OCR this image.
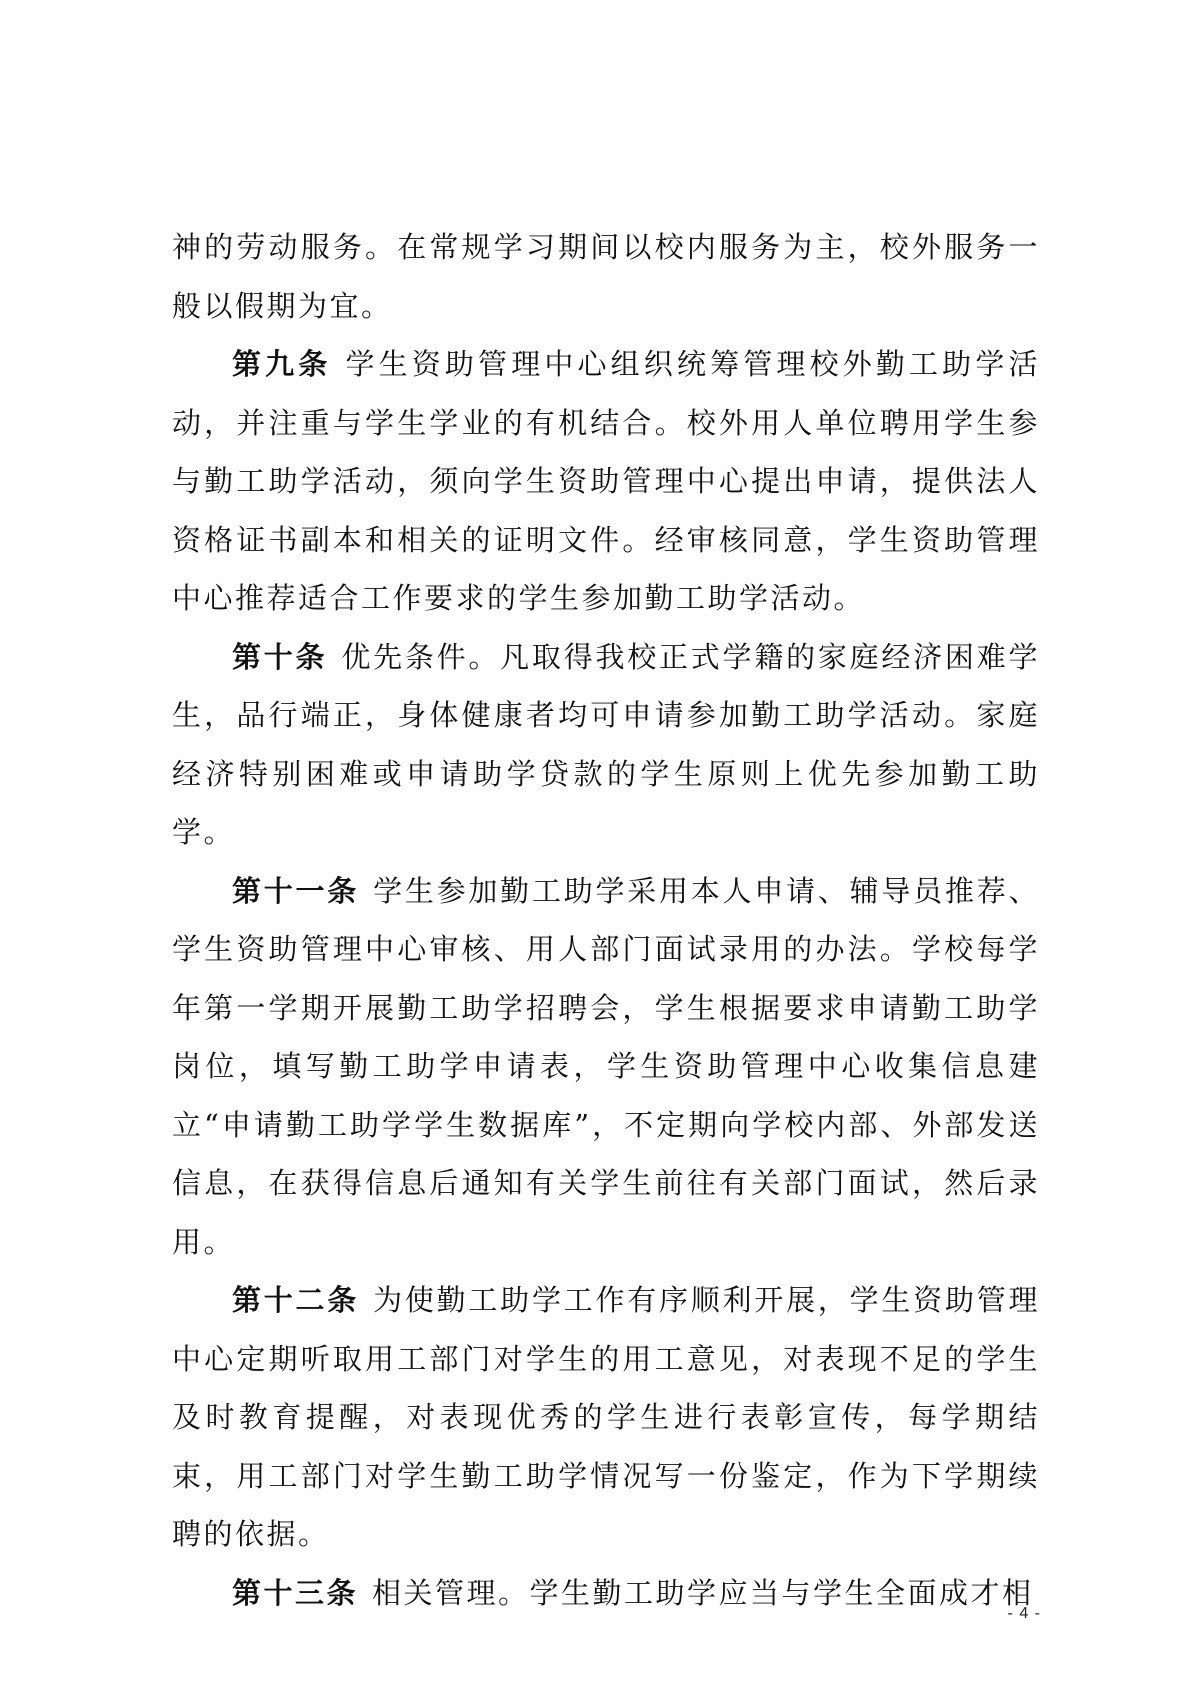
神的劳动服务。在常规学习期间以校内服务为主，校外服务一般以假期为宜。

第九条 学生资助管理中心组织统筹管理校外勤工助学活动，并注重与学生学业的有机结合。校外用人单位聘用学生参与勤工助学活动，须向学生资助管理中心提出申请，提供法人资格证书副本和相关的证明文件。经审核同意，学生资助管理中心推荐适合工作要求的学生参加勤工助学活动。

第十条 优先条件。凡取得我校正式学籍的家庭经济困难学生，品行端正，身体健康者均可申请参加勤工助学活动。家庭经济特别困难或申请助学贷款的学生原则上优先参加勤工助学。

第十一条 学生参加勤工助学采用本人申请、辅导员推荐、学生资助管理中心审核、用人部门面试录用的办法。学校每学年第一学期开展勤工助学招聘会，学生根据要求申请勤工助学岗位，填写勤工助学申请表，学生资助管理中心收集信息建立“申请勤工助学学生数据库”，不定期向学校内部、外部发送信息，在获得信息后通知有关学生前往有关部门面试，然后录用。

第十二条 为使勤工助学工作有序顺利开展，学生资助管理中心定期听取用工部门对学生的用工意见，对表现不足的学生及时教育提醒，对表现优秀的学生进行表彰宣传，每学期结束，用工部门对学生勤工助学情况写一份鉴定，作为下学期续聘的依据。

第十三条 相关管理。学生勤工助学应当与学生全面成才相

- 4 -
